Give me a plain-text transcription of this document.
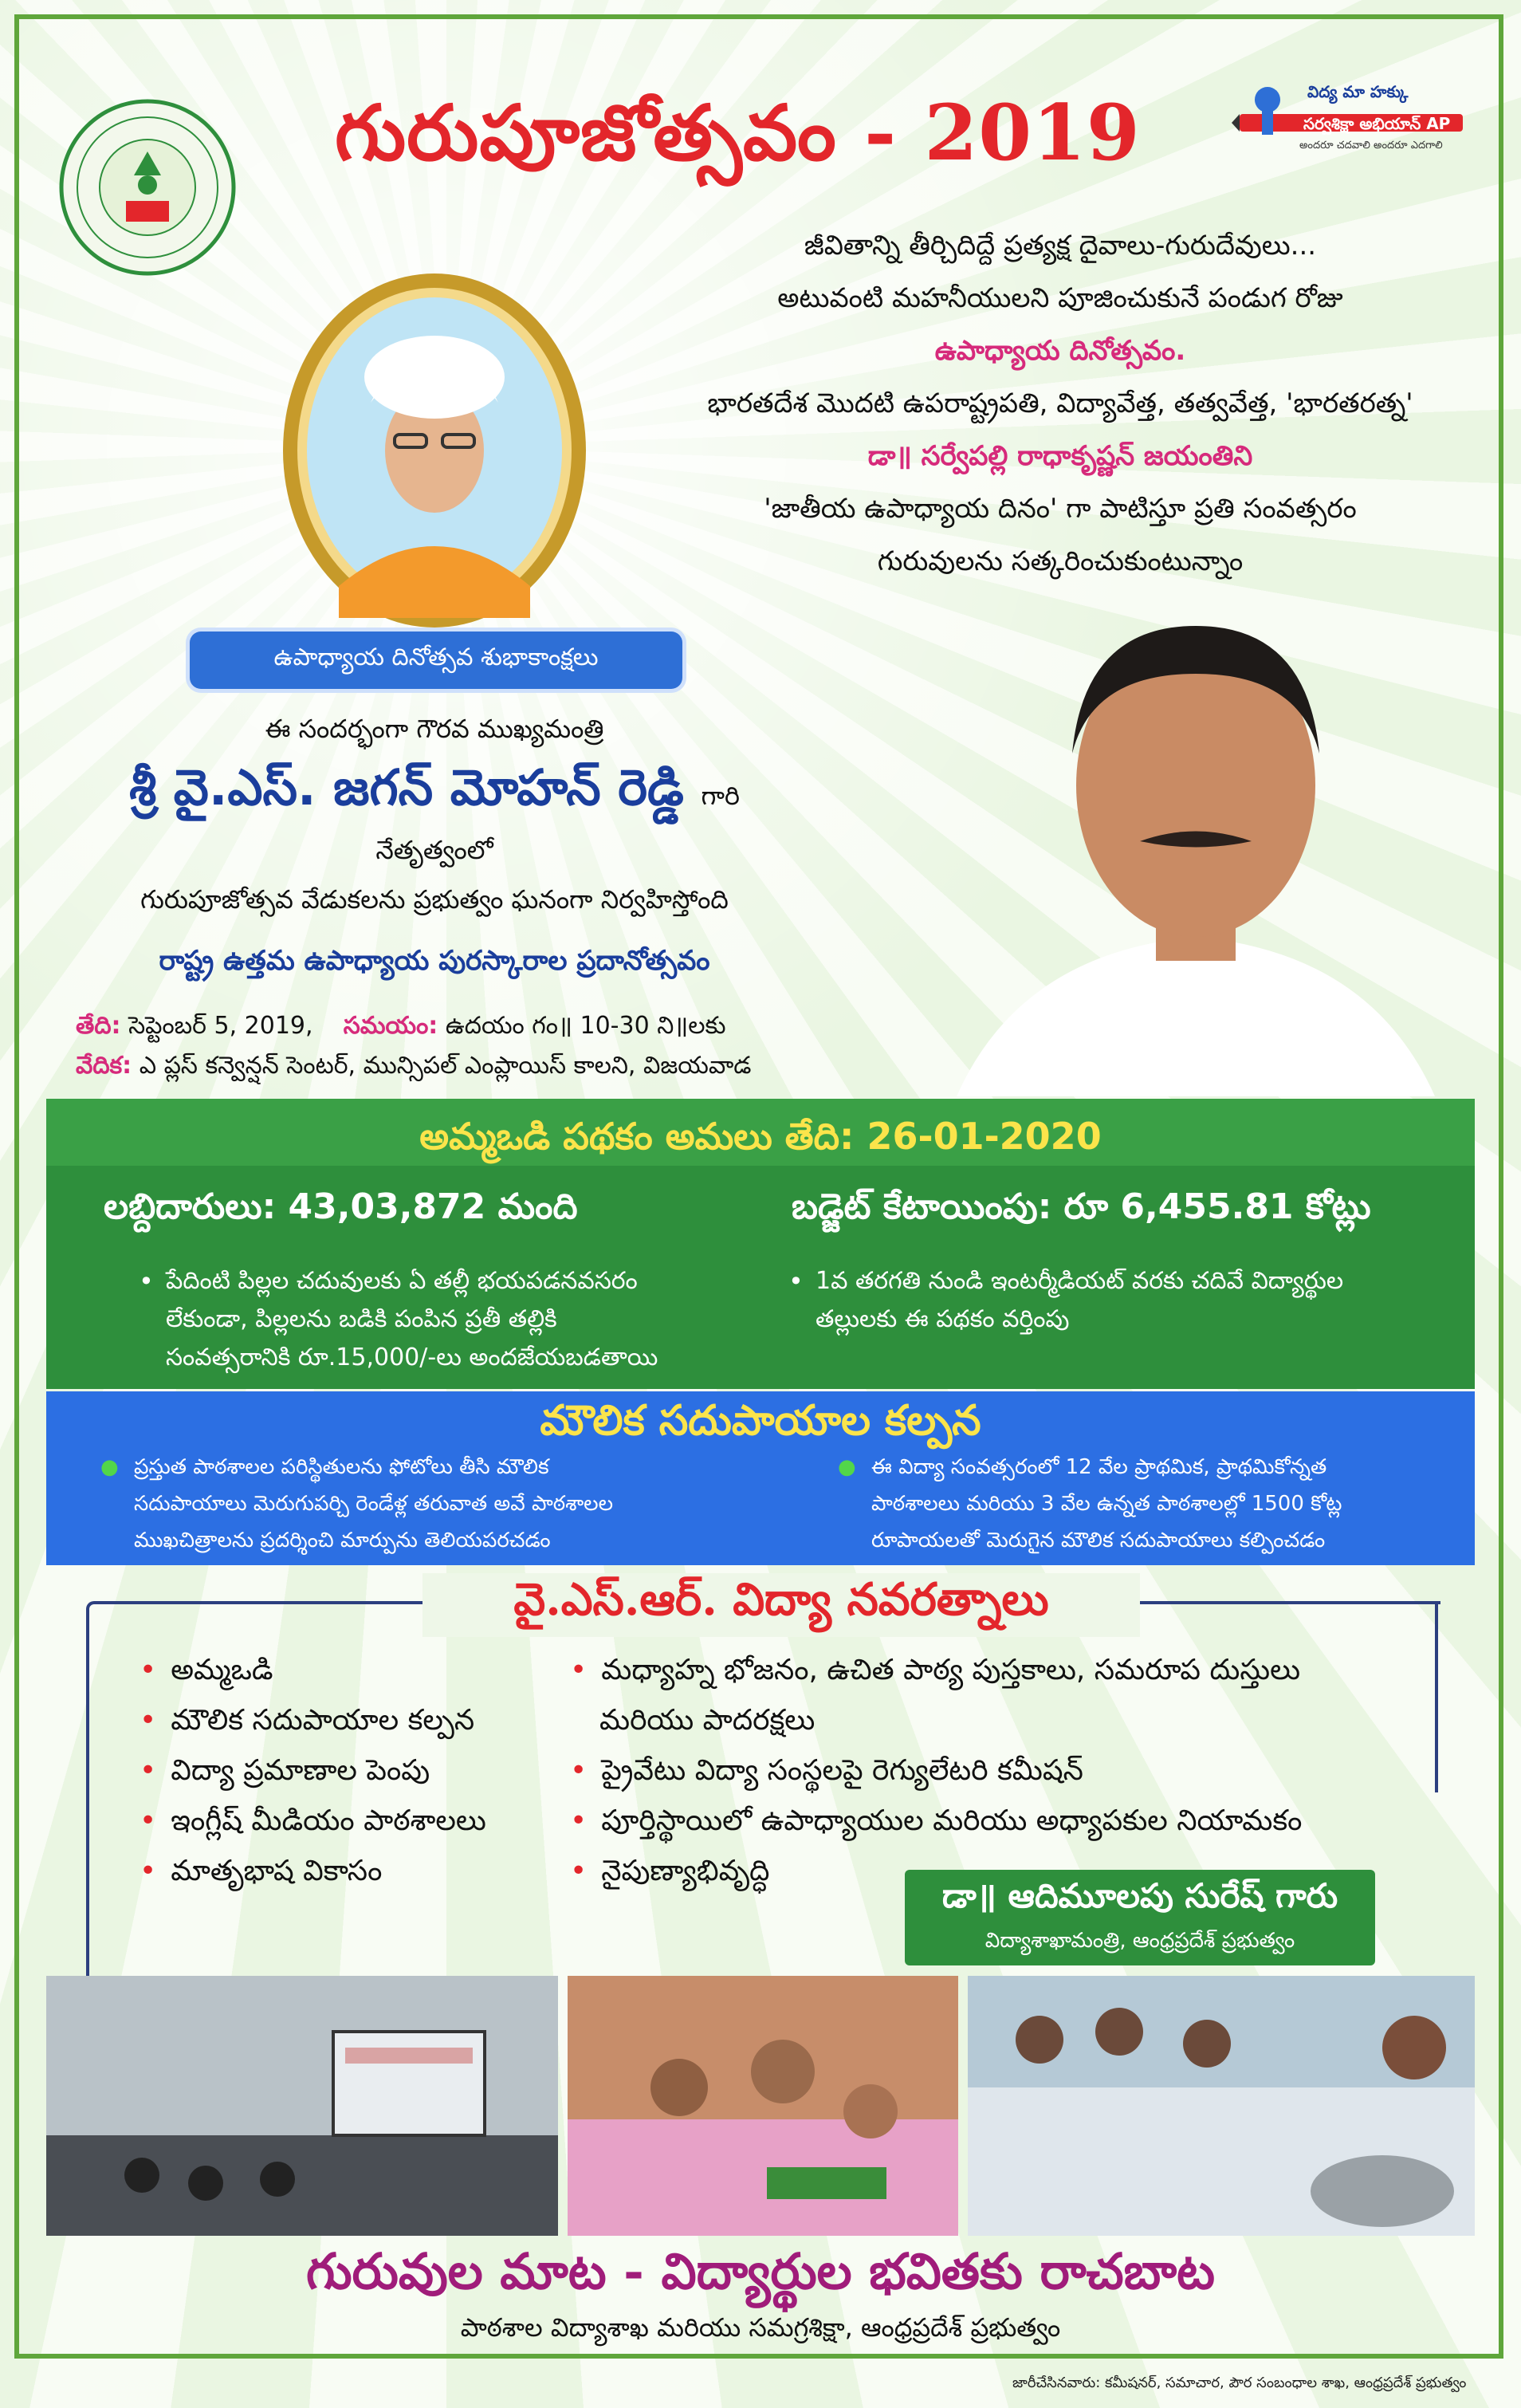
గురుపూజోత్సవం - 2019	విద్య మా హక్కు
సర్వశిక్షా అభియాన్ AP
అందరూ చదవాలి అందరూ ఎదగాలి
జీవితాన్ని తీర్చిదిద్దే ప్రత్యక్ష దైవాలు-గురుదేవులు...
అటువంటి మహనీయులని పూజించుకునే పండుగ రోజు
ఉపాధ్యాయ దినోత్సవం.
భారతదేశ మొదటి ఉపరాష్ట్రపతి, విద్యావేత్త, తత్వవేత్త, 'భారతరత్న'
డా॥ సర్వేపల్లి రాధాకృష్ణన్ జయంతిని
'జాతీయ ఉపాధ్యాయ దినం' గా పాటిస్తూ ప్రతి సంవత్సరం
గురువులను సత్కరించుకుంటున్నాం
ఉపాధ్యాయ దినోత్సవ శుభాకాంక్షలు
ఈ సందర్భంగా గౌరవ ముఖ్యమంత్రి
శ్రీ వై.ఎస్. జగన్ మోహన్ రెడ్డి గారి
నేతృత్వంలో
గురుపూజోత్సవ వేడుకలను ప్రభుత్వం ఘనంగా నిర్వహిస్తోంది
రాష్ట్ర ఉత్తమ ఉపాధ్యాయ పురస్కారాల ప్రదానోత్సవం
తేది: సెప్టెంబర్ 5, 2019, సమయం: ఉదయం గం॥ 10-30 ని॥లకు
వేదిక: ఎ ప్లస్ కన్వెన్షన్ సెంటర్, మున్సిపల్ ఎంప్లాయిస్ కాలని, విజయవాడ
అమ్మఒడి పథకం అమలు తేది: 26-01-2020
లబ్దిదారులు: 43,03,872 మంది	బడ్జెట్ కేటాయింపు: రూ 6,455.81 కోట్లు
• పేదింటి పిల్లల చదువులకు ఏ తల్లీ భయపడనవసరం
లేకుండా, పిల్లలను బడికి పంపిన ప్రతీ తల్లికి
సంవత్సరానికి రూ.15,000/-లు అందజేయబడతాయి
• 1వ తరగతి నుండి ఇంటర్మీడియట్ వరకు చదివే విద్యార్థుల
తల్లులకు ఈ పథకం వర్తింపు
మౌలిక సదుపాయాల కల్పన
● ప్రస్తుత పాఠశాలల పరిస్థితులను ఫోటోలు తీసి మౌలిక
సదుపాయాలు మెరుగుపర్చి రెండేళ్ల తరువాత అవే పాఠశాలల
ముఖచిత్రాలను ప్రదర్శించి మార్పును తెలియపరచడం
● ఈ విద్యా సంవత్సరంలో 12 వేల ప్రాథమిక, ప్రాథమికోన్నత
పాఠశాలలు మరియు 3 వేల ఉన్నత పాఠశాలల్లో 1500 కోట్ల
రూపాయలతో మెరుగైన మౌలిక సదుపాయాలు కల్పించడం
వై.ఎస్.ఆర్. విద్యా నవరత్నాలు
• అమ్మఒడి
• మౌలిక సదుపాయాల కల్పన
• విద్యా ప్రమాణాల పెంపు
• ఇంగ్లీష్ మీడియం పాఠశాలలు
• మాతృభాష వికాసం
• మధ్యాహ్న భోజనం, ఉచిత పాఠ్య పుస్తకాలు, సమరూప దుస్తులు
మరియు పాదరక్షలు
• ప్రైవేటు విద్యా సంస్థలపై రెగ్యులేటరి కమీషన్
• పూర్తిస్థాయిలో ఉపాధ్యాయుల మరియు అధ్యాపకుల నియామకం
• నైపుణ్యాభివృద్ధి
డా॥ ఆదిమూలపు సురేష్ గారు
విద్యాశాఖామంత్రి, ఆంధ్రప్రదేశ్ ప్రభుత్వం
గురువుల మాట - విద్యార్థుల భవితకు రాచబాట
పాఠశాల విద్యాశాఖ మరియు సమగ్రశిక్షా, ఆంధ్రప్రదేశ్ ప్రభుత్వం
జారీచేసినవారు: కమీషనర్, సమాచార, పౌర సంబంధాల శాఖ, ఆంధ్రప్రదేశ్ ప్రభుత్వం
